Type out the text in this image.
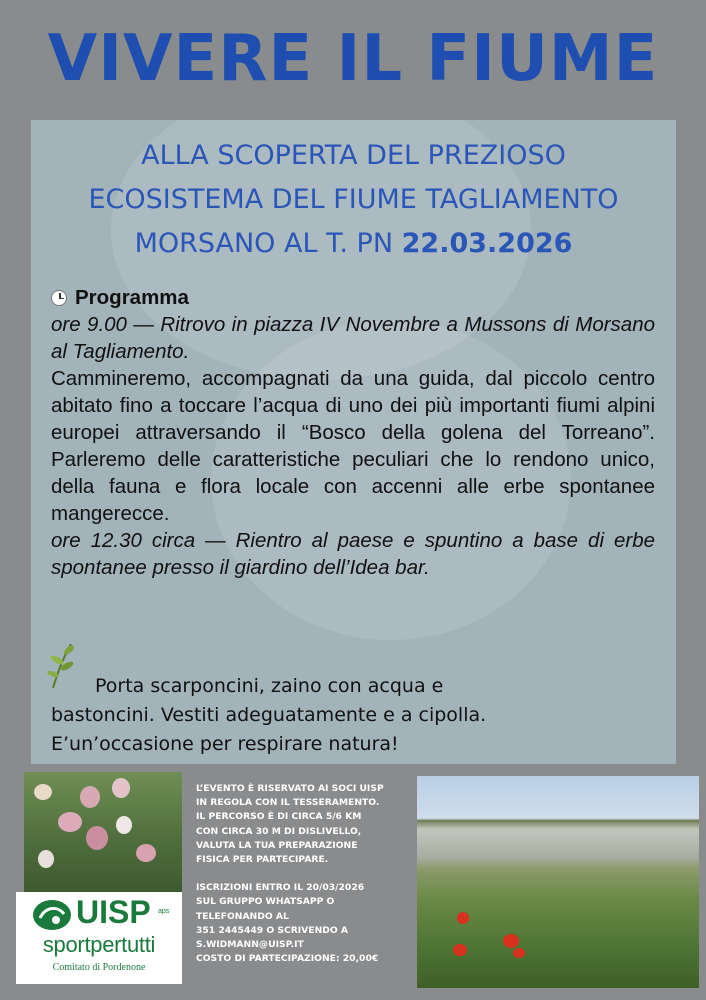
VIVERE IL FIUME
ALLA SCOPERTA DEL PREZIOSO
ECOSISTEMA DEL FIUME TAGLIAMENTO
MORSANO AL T. PN 22.03.2026

Programma

ore 9.00 — Ritrovo in piazza IV Novembre a Mussons di Morsano al Tagliamento.

Cammineremo, accompagnati da una guida, dal piccolo centro abitato fino a toccare l’acqua di uno dei più importanti fiumi alpini europei attraversando il “Bosco della golena del Torreano”. Parleremo delle caratteristiche peculiari che lo rendono unico, della fauna e flora locale con accenni alle erbe spontanee mangerecce.

ore 12.30 circa — Rientro al paese e spuntino a base di erbe spontanee presso il giardino dell’Idea bar.

Porta scarponcini, zaino con acqua e
bastoncini. Vestiti adeguatamente e a cipolla.
E’un’occasione per respirare natura!
UISP aps
sportpertutti
Comitato di Pordenone
L’EVENTO È RISERVATO AI SOCI UISP
IN REGOLA CON IL TESSERAMENTO.
IL PERCORSO È DI CIRCA 5/6 KM
CON CIRCA 30 M DI DISLIVELLO,
VALUTA LA TUA PREPARAZIONE
FISICA PER PARTECIPARE.
ISCRIZIONI ENTRO IL 20/03/2026
SUL GRUPPO WHATSAPP O
TELEFONANDO AL
351 2445449 O SCRIVENDO A
S.WIDMANN@UISP.IT
COSTO DI PARTECIPAZIONE: 20,00€
